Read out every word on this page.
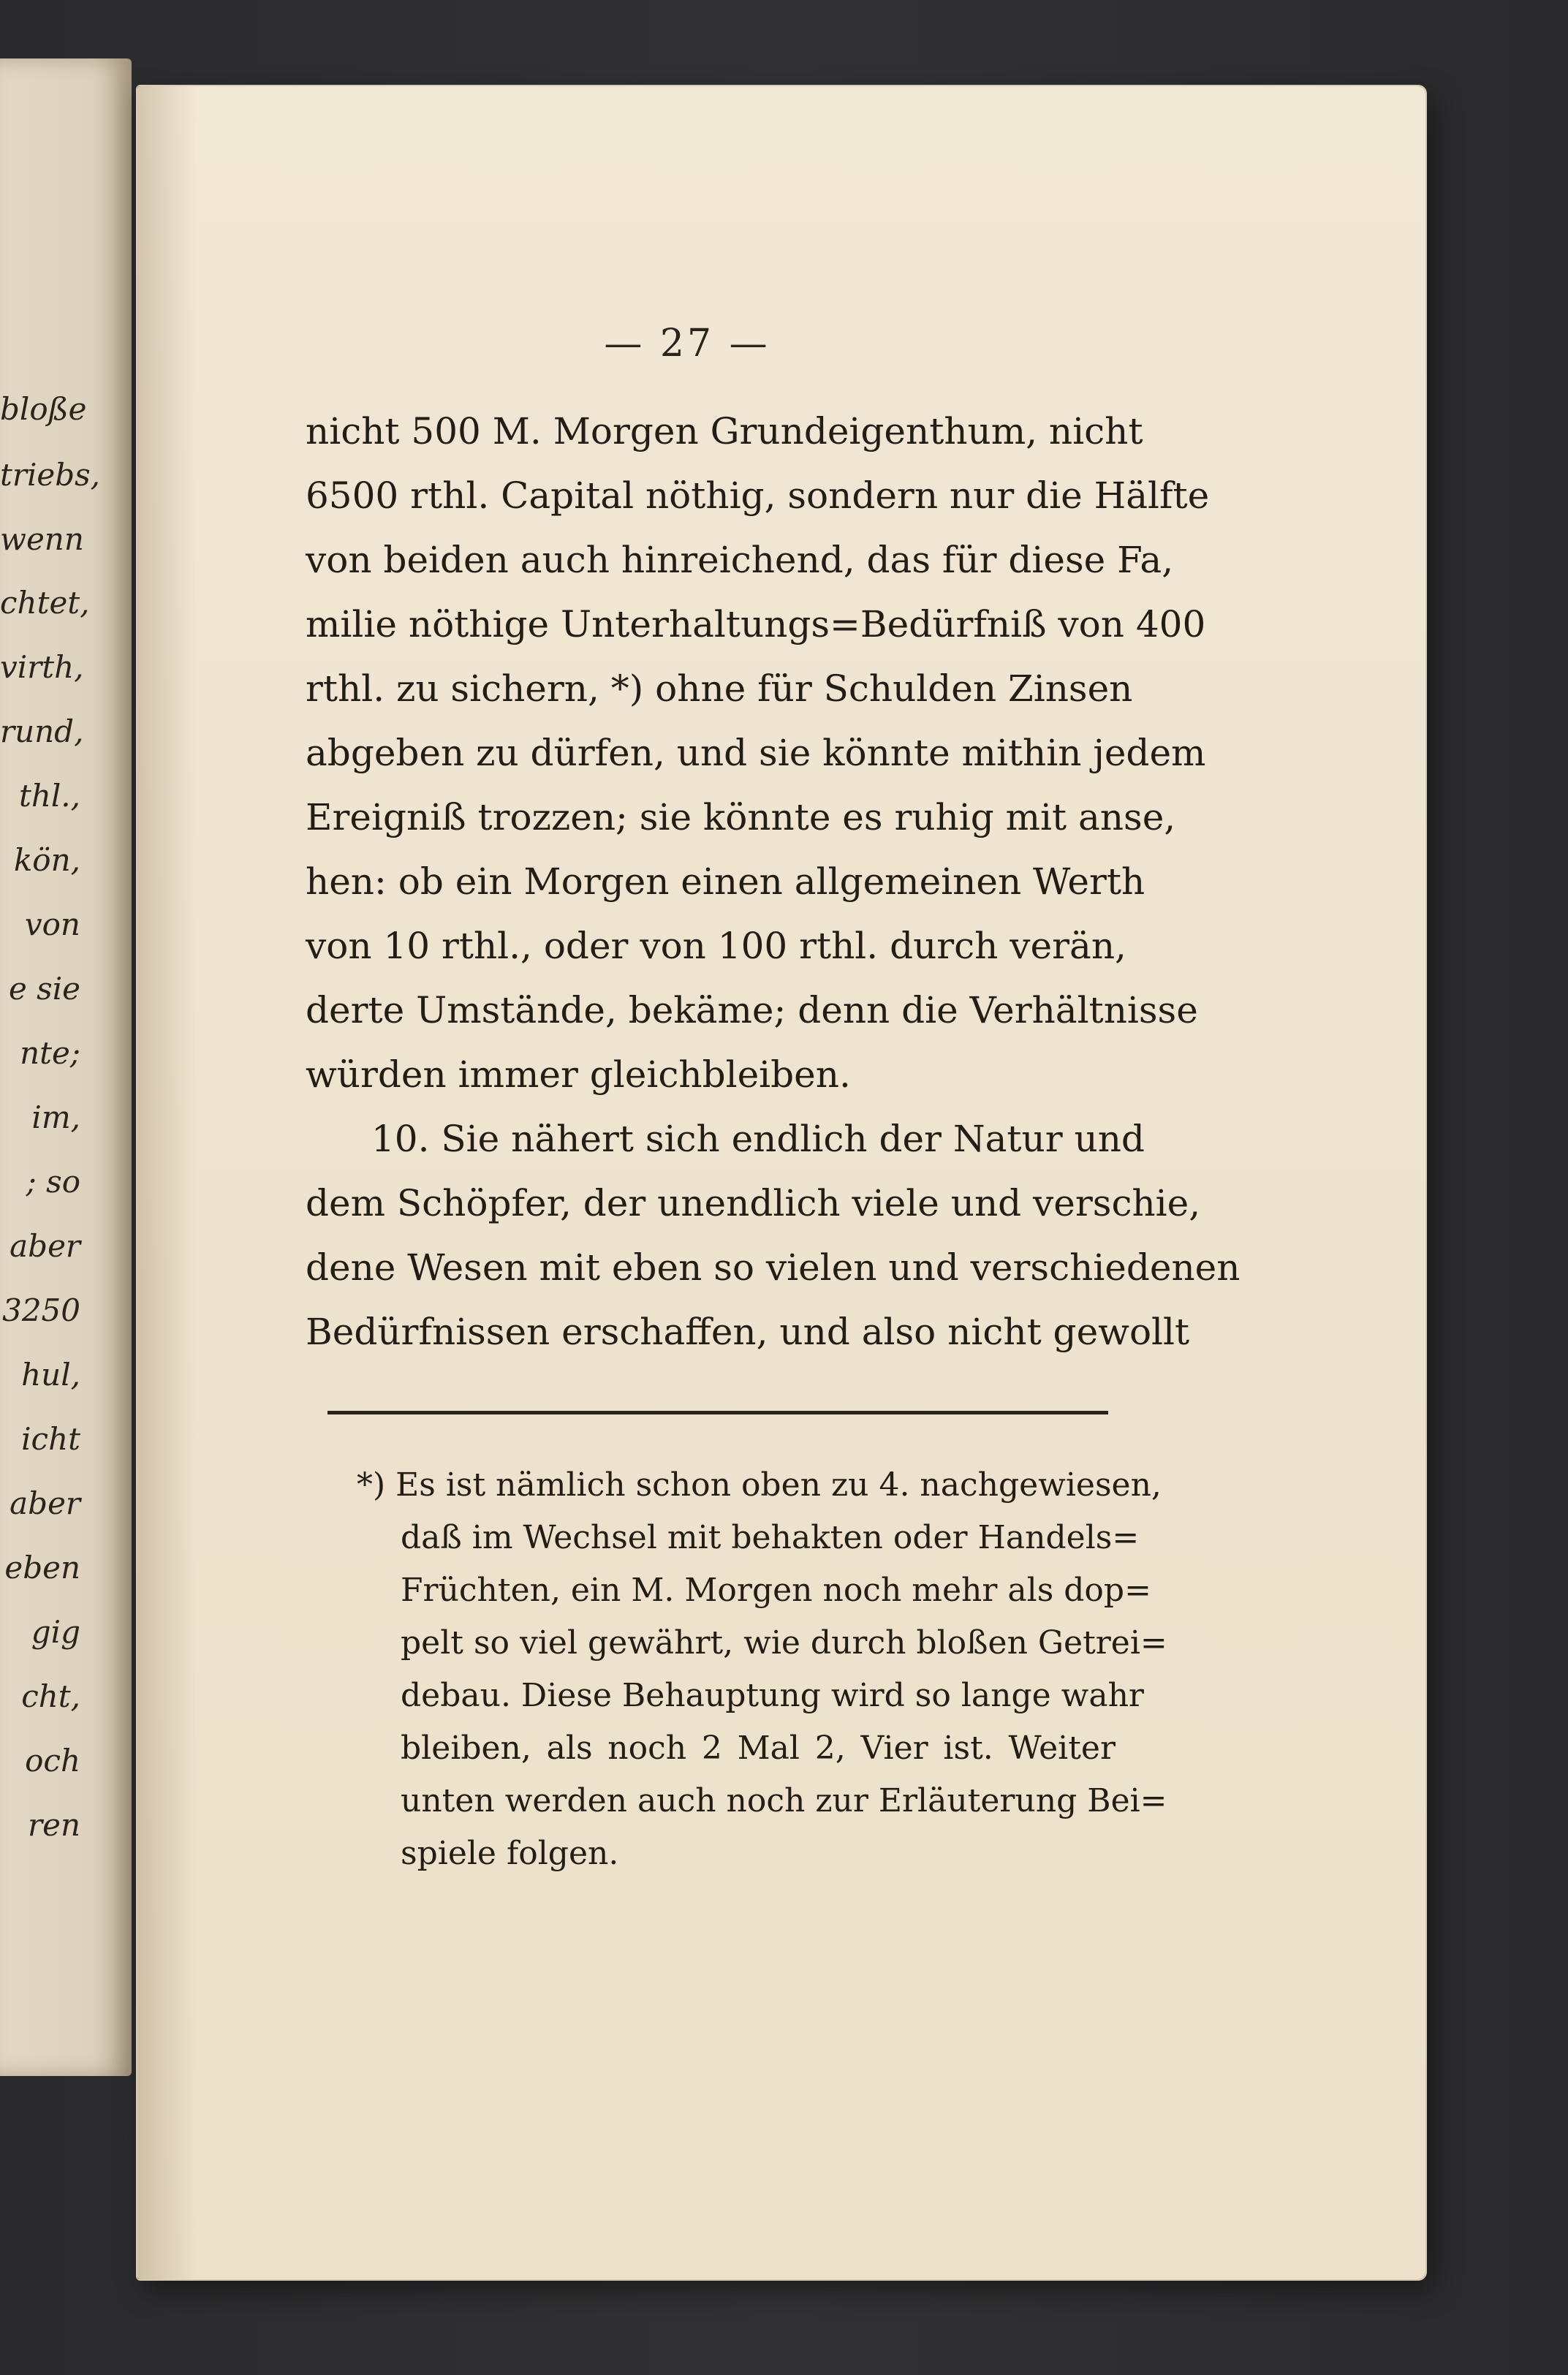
bloße
triebs,
wenn
chtet,
virth,
rund,
thl.,
kön,
von
e sie
nte;
im,
; so
aber
3250
hul,
icht
aber
eben
gig
cht,
och
ren
— 27 —
nicht 500 M. Morgen Grundeigenthum, nicht
6500 rthl. Capital nöthig, sondern nur die Hälfte
von beiden auch hinreichend, das für diese Fa,
milie nöthige Unterhaltungs=Bedürfniß von 400
rthl. zu sichern, *) ohne für Schulden Zinsen
abgeben zu dürfen, und sie könnte mithin jedem
Ereigniß trozzen; sie könnte es ruhig mit anse,
hen: ob ein Morgen einen allgemeinen Werth
von 10 rthl., oder von 100 rthl. durch verän,
derte Umstände, bekäme; denn die Verhältnisse
würden immer gleichbleiben.
10. Sie nähert sich endlich der Natur und
dem Schöpfer, der unendlich viele und verschie,
dene Wesen mit eben so vielen und verschiedenen
Bedürfnissen erschaffen, und also nicht gewollt
*) Es ist nämlich schon oben zu 4. nachgewiesen,
daß im Wechsel mit behakten oder Handels=
Früchten, ein M. Morgen noch mehr als dop=
pelt so viel gewährt, wie durch bloßen Getrei=
debau. Diese Behauptung wird so lange wahr
bleiben, als noch 2 Mal 2, Vier ist. Weiter
unten werden auch noch zur Erläuterung Bei=
spiele folgen.
